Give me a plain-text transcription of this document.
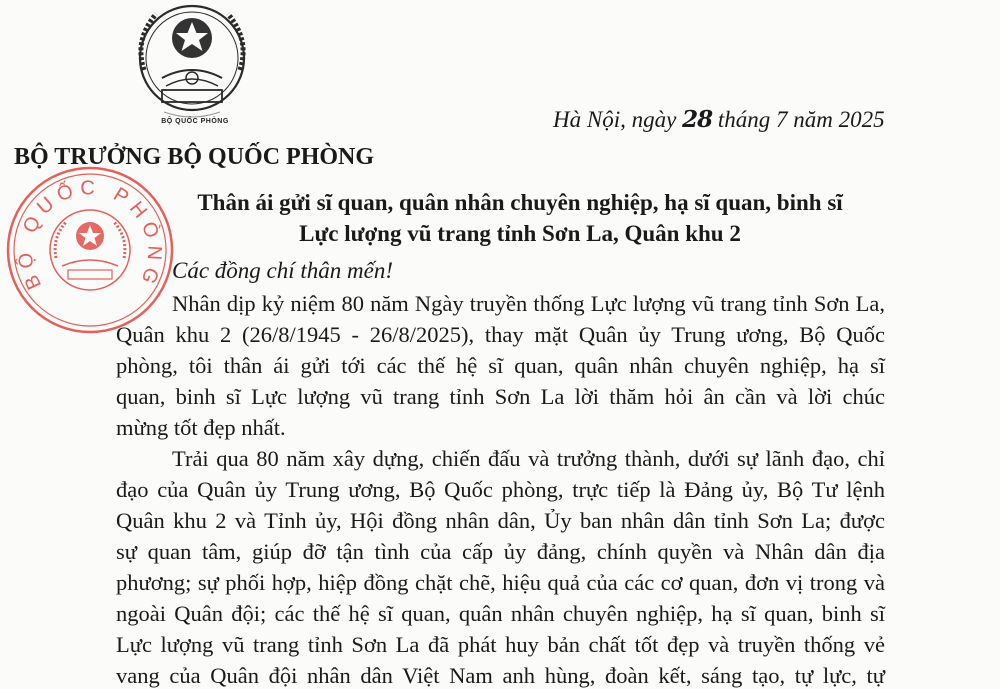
BỘ QUỐC PHÒNG	Hà Nội, ngày 28 tháng 7 năm 2025
BỘ TRƯỞNG BỘ QUỐC PHÒNG
BỘ QUỐC PHÒNG
Thân ái gửi sĩ quan, quân nhân chuyên nghiệp, hạ sĩ quan, binh sĩ
Lực lượng vũ trang tỉnh Sơn La, Quân khu 2
Các đồng chí thân mến!
Nhân dịp kỷ niệm 80 năm Ngày truyền thống Lực lượng vũ trang tỉnh Sơn La,
Quân khu 2 (26/8/1945 - 26/8/2025), thay mặt Quân ủy Trung ương, Bộ Quốc
phòng, tôi thân ái gửi tới các thế hệ sĩ quan, quân nhân chuyên nghiệp, hạ sĩ
quan, binh sĩ Lực lượng vũ trang tỉnh Sơn La lời thăm hỏi ân cần và lời chúc
mừng tốt đẹp nhất.
Trải qua 80 năm xây dựng, chiến đấu và trưởng thành, dưới sự lãnh đạo, chỉ
đạo của Quân ủy Trung ương, Bộ Quốc phòng, trực tiếp là Đảng ủy, Bộ Tư lệnh
Quân khu 2 và Tỉnh ủy, Hội đồng nhân dân, Ủy ban nhân dân tỉnh Sơn La; được
sự quan tâm, giúp đỡ tận tình của cấp ủy đảng, chính quyền và Nhân dân địa
phương; sự phối hợp, hiệp đồng chặt chẽ, hiệu quả của các cơ quan, đơn vị trong và
ngoài Quân đội; các thế hệ sĩ quan, quân nhân chuyên nghiệp, hạ sĩ quan, binh sĩ
Lực lượng vũ trang tỉnh Sơn La đã phát huy bản chất tốt đẹp và truyền thống vẻ
vang của Quân đội nhân dân Việt Nam anh hùng, đoàn kết, sáng tạo, tự lực, tự
